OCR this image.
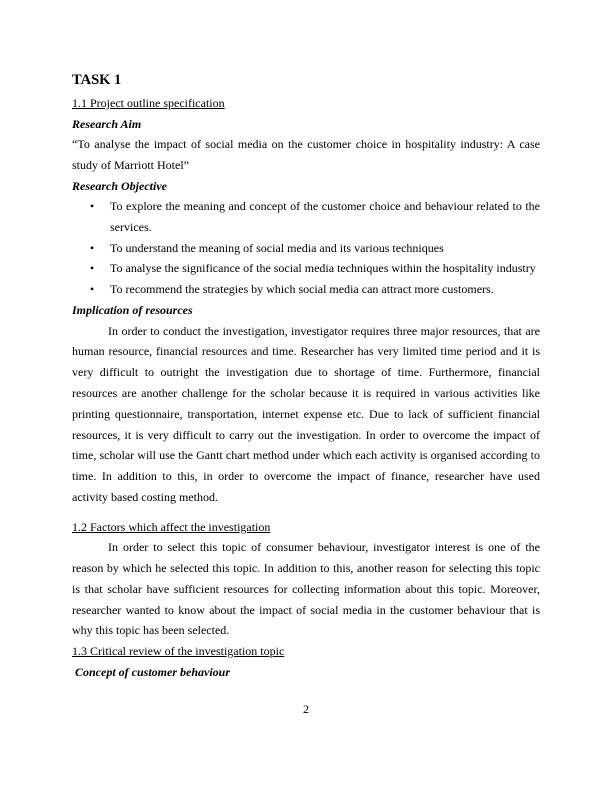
TASK 1

1.1 Project outline specification

Research Aim

“To analyse the impact of social media on the customer choice in hospitality industry: A case study of Marriott Hotel”

Research Objective

• To explore the meaning and concept of the customer choice and behaviour related to the services.
• To understand the meaning of social media and its various techniques
• To analyse the significance of the social media techniques within the hospitality industry
• To recommend the strategies by which social media can attract more customers.

Implication of resources

In order to conduct the investigation, investigator requires three major resources, that are human resource, financial resources and time. Researcher has very limited time period and it is very difficult to outright the investigation due to shortage of time. Furthermore, financial resources are another challenge for the scholar because it is required in various activities like printing questionnaire, transportation, internet expense etc. Due to lack of sufficient financial resources, it is very difficult to carry out the investigation. In order to overcome the impact of time, scholar will use the Gantt chart method under which each activity is organised according to time. In addition to this, in order to overcome the impact of finance, researcher have used activity based costing method.

1.2 Factors which affect the investigation

In order to select this topic of consumer behaviour, investigator interest is one of the reason by which he selected this topic. In addition to this, another reason for selecting this topic is that scholar have sufficient resources for collecting information about this topic. Moreover, researcher wanted to know about the impact of social media in the customer behaviour that is why this topic has been selected.

1.3 Critical review of the investigation topic

Concept of customer behaviour

2
